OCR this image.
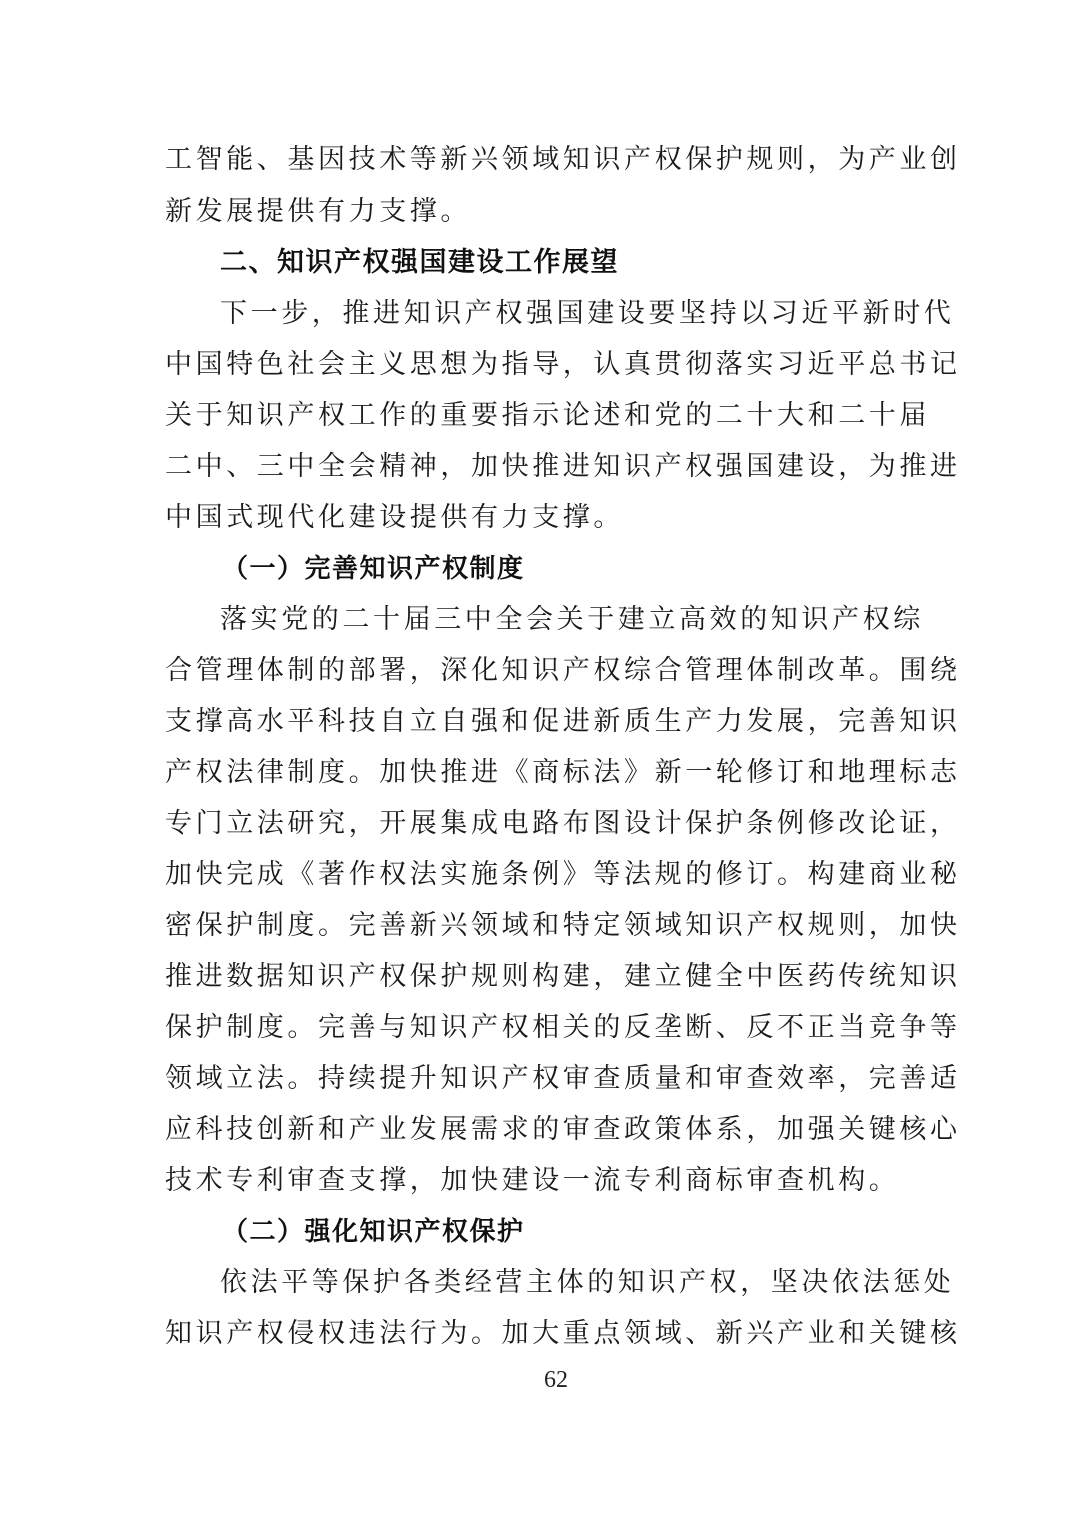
工智能、基因技术等新兴领域知识产权保护规则，为产业创
新发展提供有力支撑。
二、知识产权强国建设工作展望
下一步，推进知识产权强国建设要坚持以习近平新时代
中国特色社会主义思想为指导，认真贯彻落实习近平总书记
关于知识产权工作的重要指示论述和党的二十大和二十届
二中、三中全会精神，加快推进知识产权强国建设，为推进
中国式现代化建设提供有力支撑。
（一）完善知识产权制度
落实党的二十届三中全会关于建立高效的知识产权综
合管理体制的部署，深化知识产权综合管理体制改革。围绕
支撑高水平科技自立自强和促进新质生产力发展，完善知识
产权法律制度。加快推进《商标法》新一轮修订和地理标志
专门立法研究，开展集成电路布图设计保护条例修改论证，
加快完成《著作权法实施条例》等法规的修订。构建商业秘
密保护制度。完善新兴领域和特定领域知识产权规则，加快
推进数据知识产权保护规则构建，建立健全中医药传统知识
保护制度。完善与知识产权相关的反垄断、反不正当竞争等
领域立法。持续提升知识产权审查质量和审查效率，完善适
应科技创新和产业发展需求的审查政策体系，加强关键核心
技术专利审查支撑，加快建设一流专利商标审查机构。
（二）强化知识产权保护
依法平等保护各类经营主体的知识产权，坚决依法惩处
知识产权侵权违法行为。加大重点领域、新兴产业和关键核
62
